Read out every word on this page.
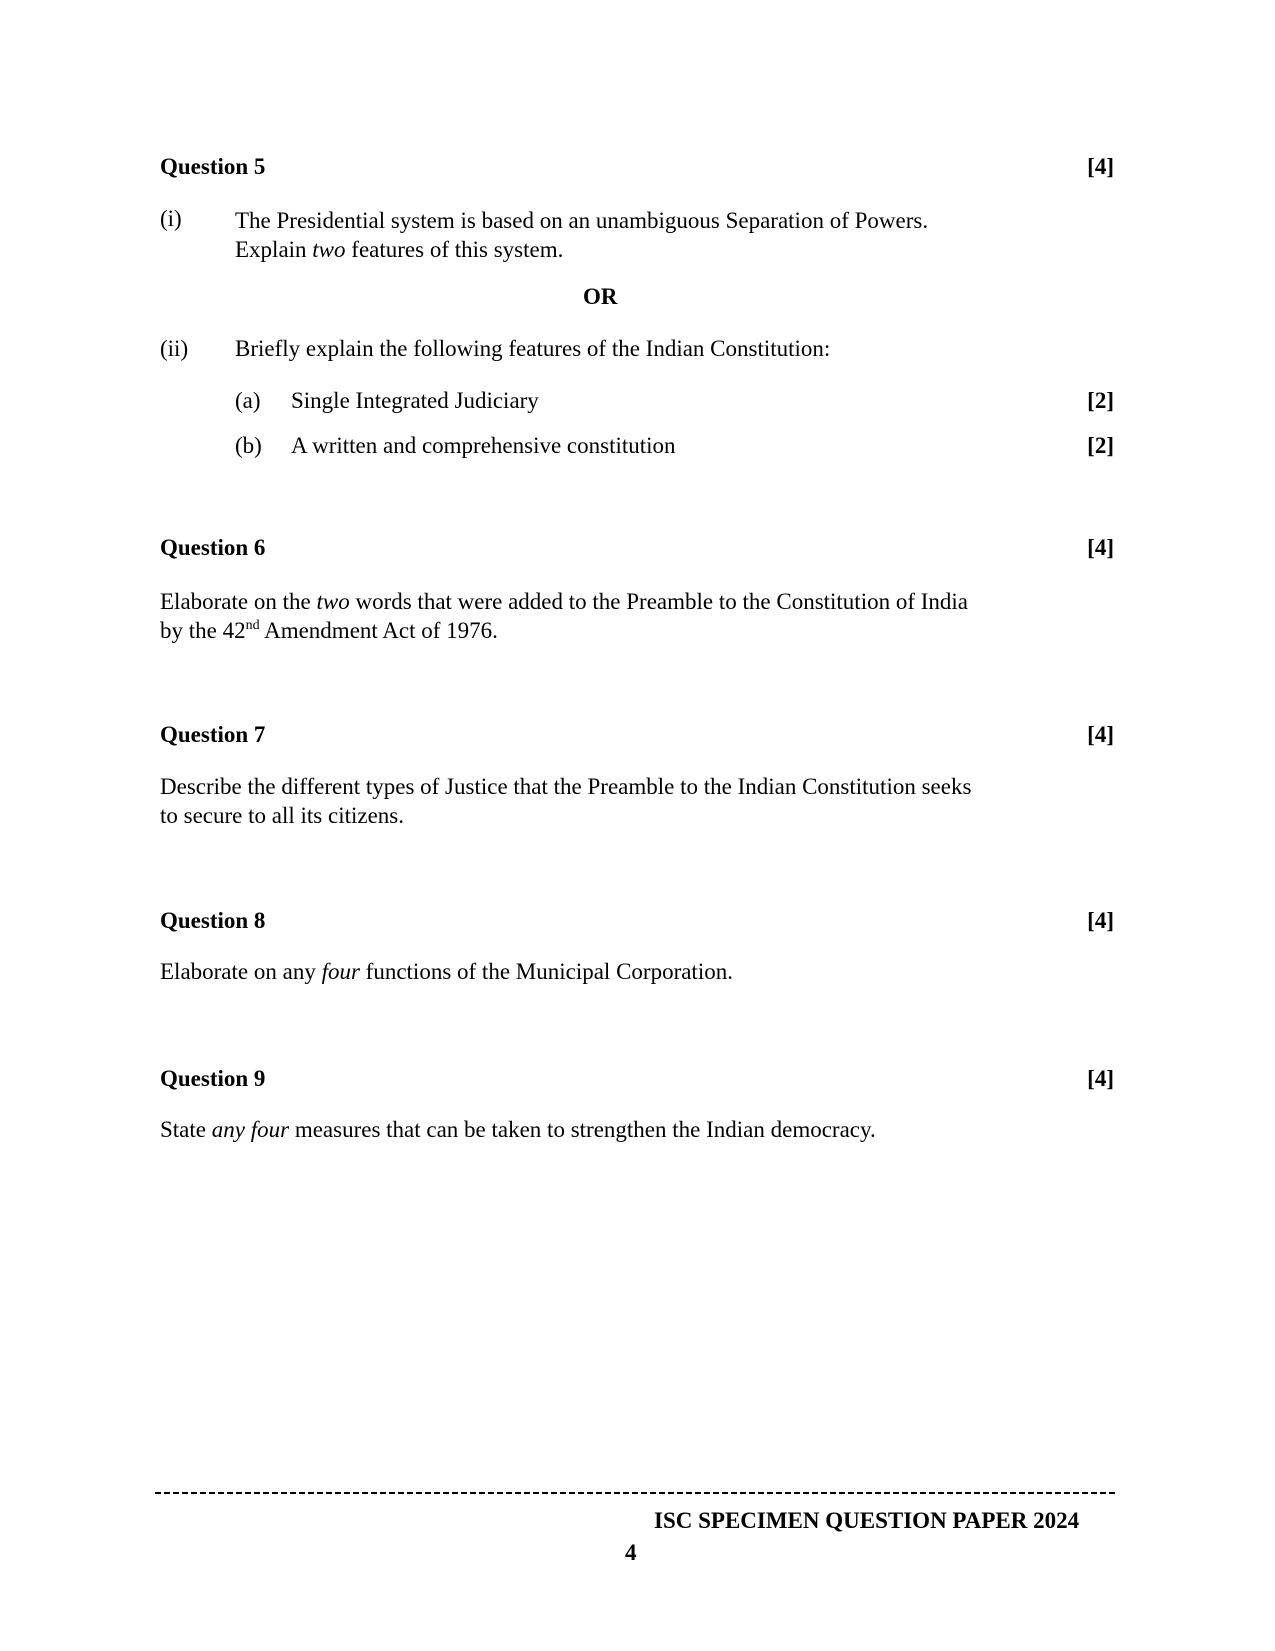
Question 5	[4]
(i) The Presidential system is based on an unambiguous Separation of Powers.
Explain two features of this system.
OR
(ii) Briefly explain the following features of the Indian Constitution:
(a) Single Integrated Judiciary	[2]
(b) A written and comprehensive constitution	[2]
Question 6	[4]
Elaborate on the two words that were added to the Preamble to the Constitution of India
by the 42nd Amendment Act of 1976.
Question 7	[4]
Describe the different types of Justice that the Preamble to the Indian Constitution seeks
to secure to all its citizens.
Question 8	[4]
Elaborate on any four functions of the Municipal Corporation.
Question 9	[4]
State any four measures that can be taken to strengthen the Indian democracy.
ISC SPECIMEN QUESTION PAPER 2024
4
